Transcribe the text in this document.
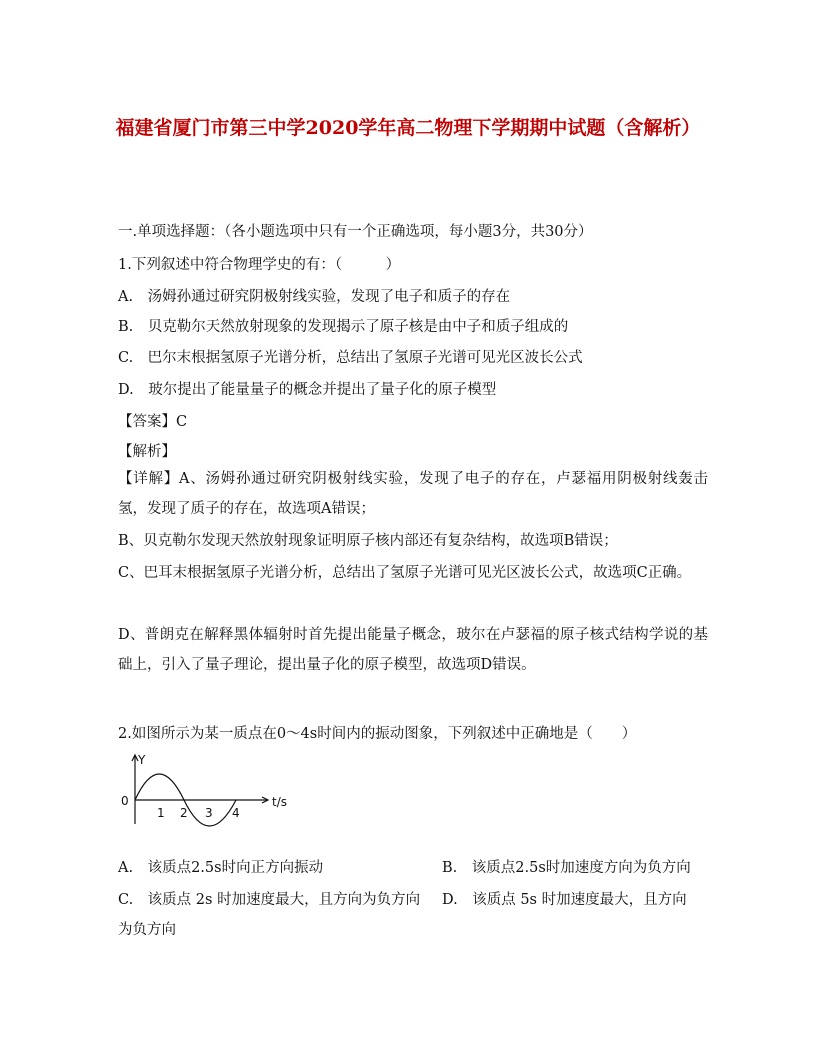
福建省厦门市第三中学2020学年高二物理下学期期中试题（含解析）
一.单项选择题：（各小题选项中只有一个正确选项，每小题3分，共30分）
1.下列叙述中符合物理学史的有：（　　　）
A.　汤姆孙通过研究阴极射线实验，发现了电子和质子的存在
B.　贝克勒尔天然放射现象的发现揭示了原子核是由中子和质子组成的
C.　巴尔末根据氢原子光谱分析，总结出了氢原子光谱可见光区波长公式
D.　玻尔提出了能量量子的概念并提出了量子化的原子模型
【答案】C
【解析】
【详解】A、汤姆孙通过研究阴极射线实验，发现了电子的存在，卢瑟福用阴极射线轰击氢，发现了质子的存在，故选项A错误；
B、贝克勒尔发现天然放射现象证明原子核内部还有复杂结构，故选项B错误；
C、巴耳末根据氢原子光谱分析，总结出了氢原子光谱可见光区波长公式，故选项C正确。
D、普朗克在解释黑体辐射时首先提出能量子概念，玻尔在卢瑟福的原子核式结构学说的基础上，引入了量子理论，提出量子化的原子模型，故选项D错误。
2.如图所示为某一质点在0～4s时间内的振动图象，下列叙述中正确地是（　　）
Y
t/s
0
1 2 3 4
A.　该质点2.5s时向正方向振动	B.　该质点2.5s时加速度方向为负方向
C.　该质点 2s 时加速度最大，且方向为负方向 D.　该质点 5s 时加速度最大，且方向
为负方向
